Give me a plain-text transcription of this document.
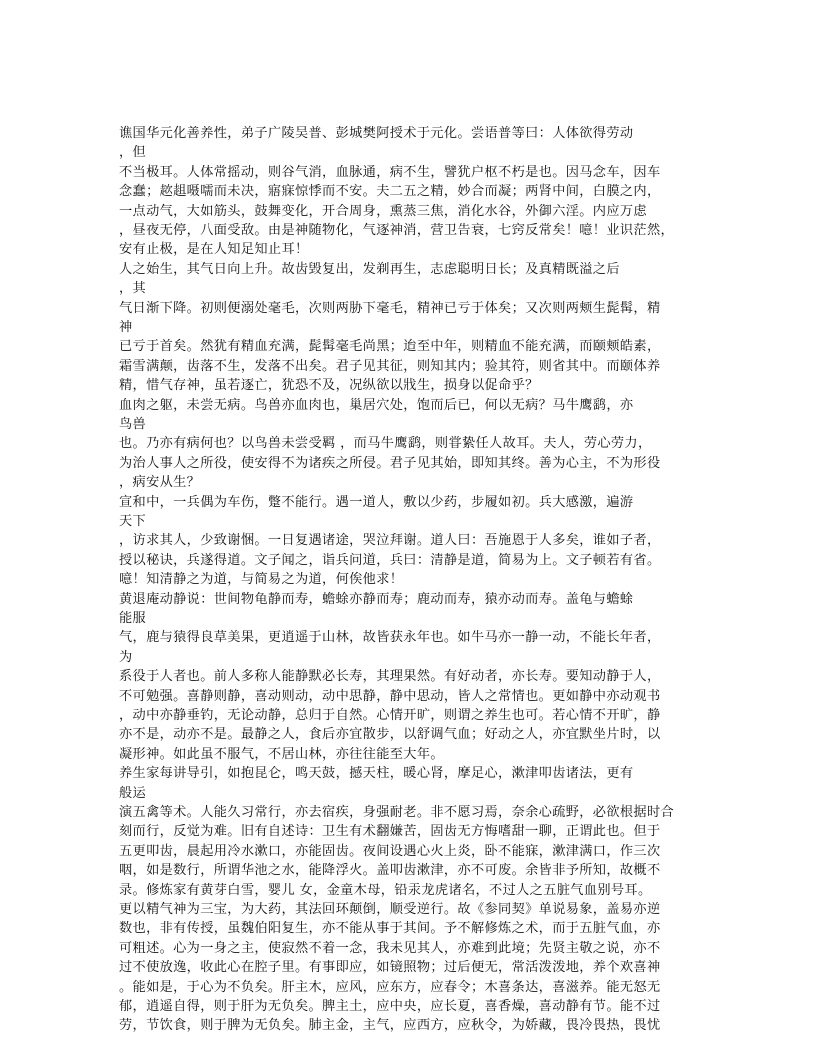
谯国华元化善养性，弟子广陵吴普、彭城樊阿授术于元化。尝语普等曰：人体欲得劳动
，但
不当极耳。人体常摇动，则谷气消，血脉通，病不生，譬犹户枢不朽是也。因马念车，因车
念蠢；趑趄嗫嚅而未决，寤寐惊悸而不安。夫二五之精，妙合而凝；两肾中间，白膜之内，
一点动气，大如筋头，鼓舞变化，开合周身，熏蒸三焦，消化水谷，外御六淫。内应万虑
，昼夜无停，八面受敌。由是神随物化，气逐神消，营卫告衰，七窍反常矣！噫！业识茫然，
安有止极，是在人知足知止耳！
人之始生，其气日向上升。故齿毁复出，发剃再生，志虑聪明日长；及真精既溢之后
，其
气日渐下降。初则便溺处毫毛，次则两胁下毫毛，精神已亏于体矣；又次则两颊生髭髯，精
神
已亏于首矣。然犹有精血充满，髭髯毫毛尚黑；迨至中年，则精血不能充满，而颐颊皓素，
霜雪满颠，齿落不生，发落不出矣。君子见其征，则知其内；验其符，则省其中。而颐体养
精，惜气存神，虽若逐亡，犹恐不及，况纵欲以戕生，损身以促命乎？
血肉之躯，未尝无病。鸟兽亦血肉也，巢居穴处，饱而后已，何以无病？马牛鹰鹞，亦
鸟兽
也。乃亦有病何也？以鸟兽未尝受羁 ，而马牛鹰鹞，则甞絷任人故耳。夫人，劳心劳力，
为治人事人之所役，使安得不为诸疾之所侵。君子见其始，即知其终。善为心主，不为形役
，病安从生？
宣和中，一兵偶为车伤，蹩不能行。遇一道人，敷以少药，步履如初。兵大感激，遍游
天下
，访求其人，少致谢悃。一日复遇诸途，哭泣拜谢。道人曰：吾施恩于人多矣，谁如子者，
授以秘诀，兵遂得道。文子闻之，诣兵问道，兵曰：清静是道，简易为上。文子顿若有省。
噫！知清静之为道，与简易之为道，何俟他求！
黄退庵动静说：世间物龟静而寿，蟾蜍亦静而寿；鹿动而寿，猿亦动而寿。盖龟与蟾蜍
能服
气，鹿与猿得良草美果，更逍遥于山林，故皆获永年也。如牛马亦一静一动，不能长年者，
为
系役于人者也。前人多称人能静默必长寿，其理果然。有好动者，亦长寿。要知动静于人，
不可勉强。喜静则静，喜动则动，动中思静，静中思动，皆人之常情也。更如静中亦动观书
，动中亦静垂钓，无论动静，总归于自然。心情开旷，则谓之养生也可。若心情不开旷，静
亦不是，动亦不是。最静之人，食后亦宜散步，以舒调气血；好动之人，亦宜默坐片时，以
凝形神。如此虽不服气，不居山林，亦往往能至大年。
养生家每讲导引，如抱昆仑，鸣天鼓，撼天柱，暖心肾，摩足心，漱津叩齿诸法，更有
般运
演五禽等术。人能久习常行，亦去宿疾，身强耐老。非不愿习焉，奈余心疏野，必欲根据时合
刻而行，反觉为难。旧有自述诗：卫生有术翻嫌苦，固齿无方悔嗜甜一聊，正谓此也。但于
五更叩齿，晨起用冷水漱口，亦能固齿。夜间设遇心火上炎，卧不能寐，漱津满口，作三次
咽，如是数行，所谓华池之水，能降浮火。盖叩齿漱津，亦不可废。余皆非予所知，故概不
录。修炼家有黄芽白雪，婴儿 女，金童木母，铅汞龙虎诸名，不过人之五脏气血别号耳。
更以精气神为三宝，为大药，其法回环颠倒，顺受逆行。故《参同契》单说易象，盖易亦逆
数也，非有传授，虽魏伯阳复生，亦不能从事于其间。予不解修炼之术，而于五脏气血，亦
可粗述。心为一身之主，使寂然不着一念，我未见其人，亦难到此境；先贤主敬之说，亦不
过不使放逸，收此心在腔子里。有事即应，如镜照物；过后便无，常活泼泼地，养个欢喜神
。能如是，于心为不负矣。肝主木，应风，应东方，应春令；木喜条达，喜滋养。能无怒无
郁，逍遥自得，则于肝为无负矣。脾主土，应中央，应长夏，喜香燥，喜动静有节。能不过
劳，节饮食，则于脾为无负矣。肺主金，主气，应西方，应秋令，为娇藏，畏冷畏热，畏忧
